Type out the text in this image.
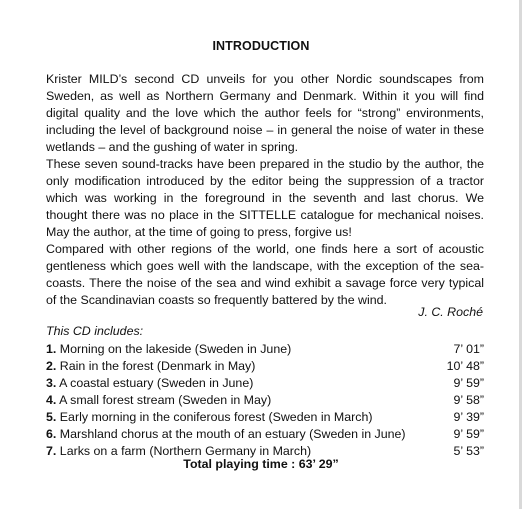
INTRODUCTION

Krister MILD’s second CD unveils for you other Nordic soundscapes from Sweden, as well as Northern Germany and Denmark. Within it you will find digital quality and the love which the author feels for “strong” environments, including the level of background noise – in general the noise of water in these wetlands – and the gushing of water in spring.

These seven sound-tracks have been prepared in the studio by the author, the only modification introduced by the editor being the suppression of a tractor which was working in the foreground in the seventh and last chorus. We thought there was no place in the SITTELLE catalogue for mechanical noises. May the author, at the time of going to press, forgive us!

Compared with other regions of the world, one finds here a sort of acoustic gentleness which goes well with the landscape, with the exception of the sea-coasts. There the noise of the sea and wind exhibit a savage force very typical of the Scandinavian coasts so frequently battered by the wind.

J. C. Roché
This CD includes:
1. Morning on the lakeside (Sweden in June)	7’ 01”
2. Rain in the forest (Denmark in May)	10’ 48”
3. A coastal estuary (Sweden in June)	9’ 59”
4. A small forest stream (Sweden in May)	9’ 58”
5. Early morning in the coniferous forest (Sweden in March)	9’ 39”
6. Marshland chorus at the mouth of an estuary (Sweden in June)	9’ 59”
7. Larks on a farm (Northern Germany in March)	5’ 53”
Total playing time : 63’ 29”
